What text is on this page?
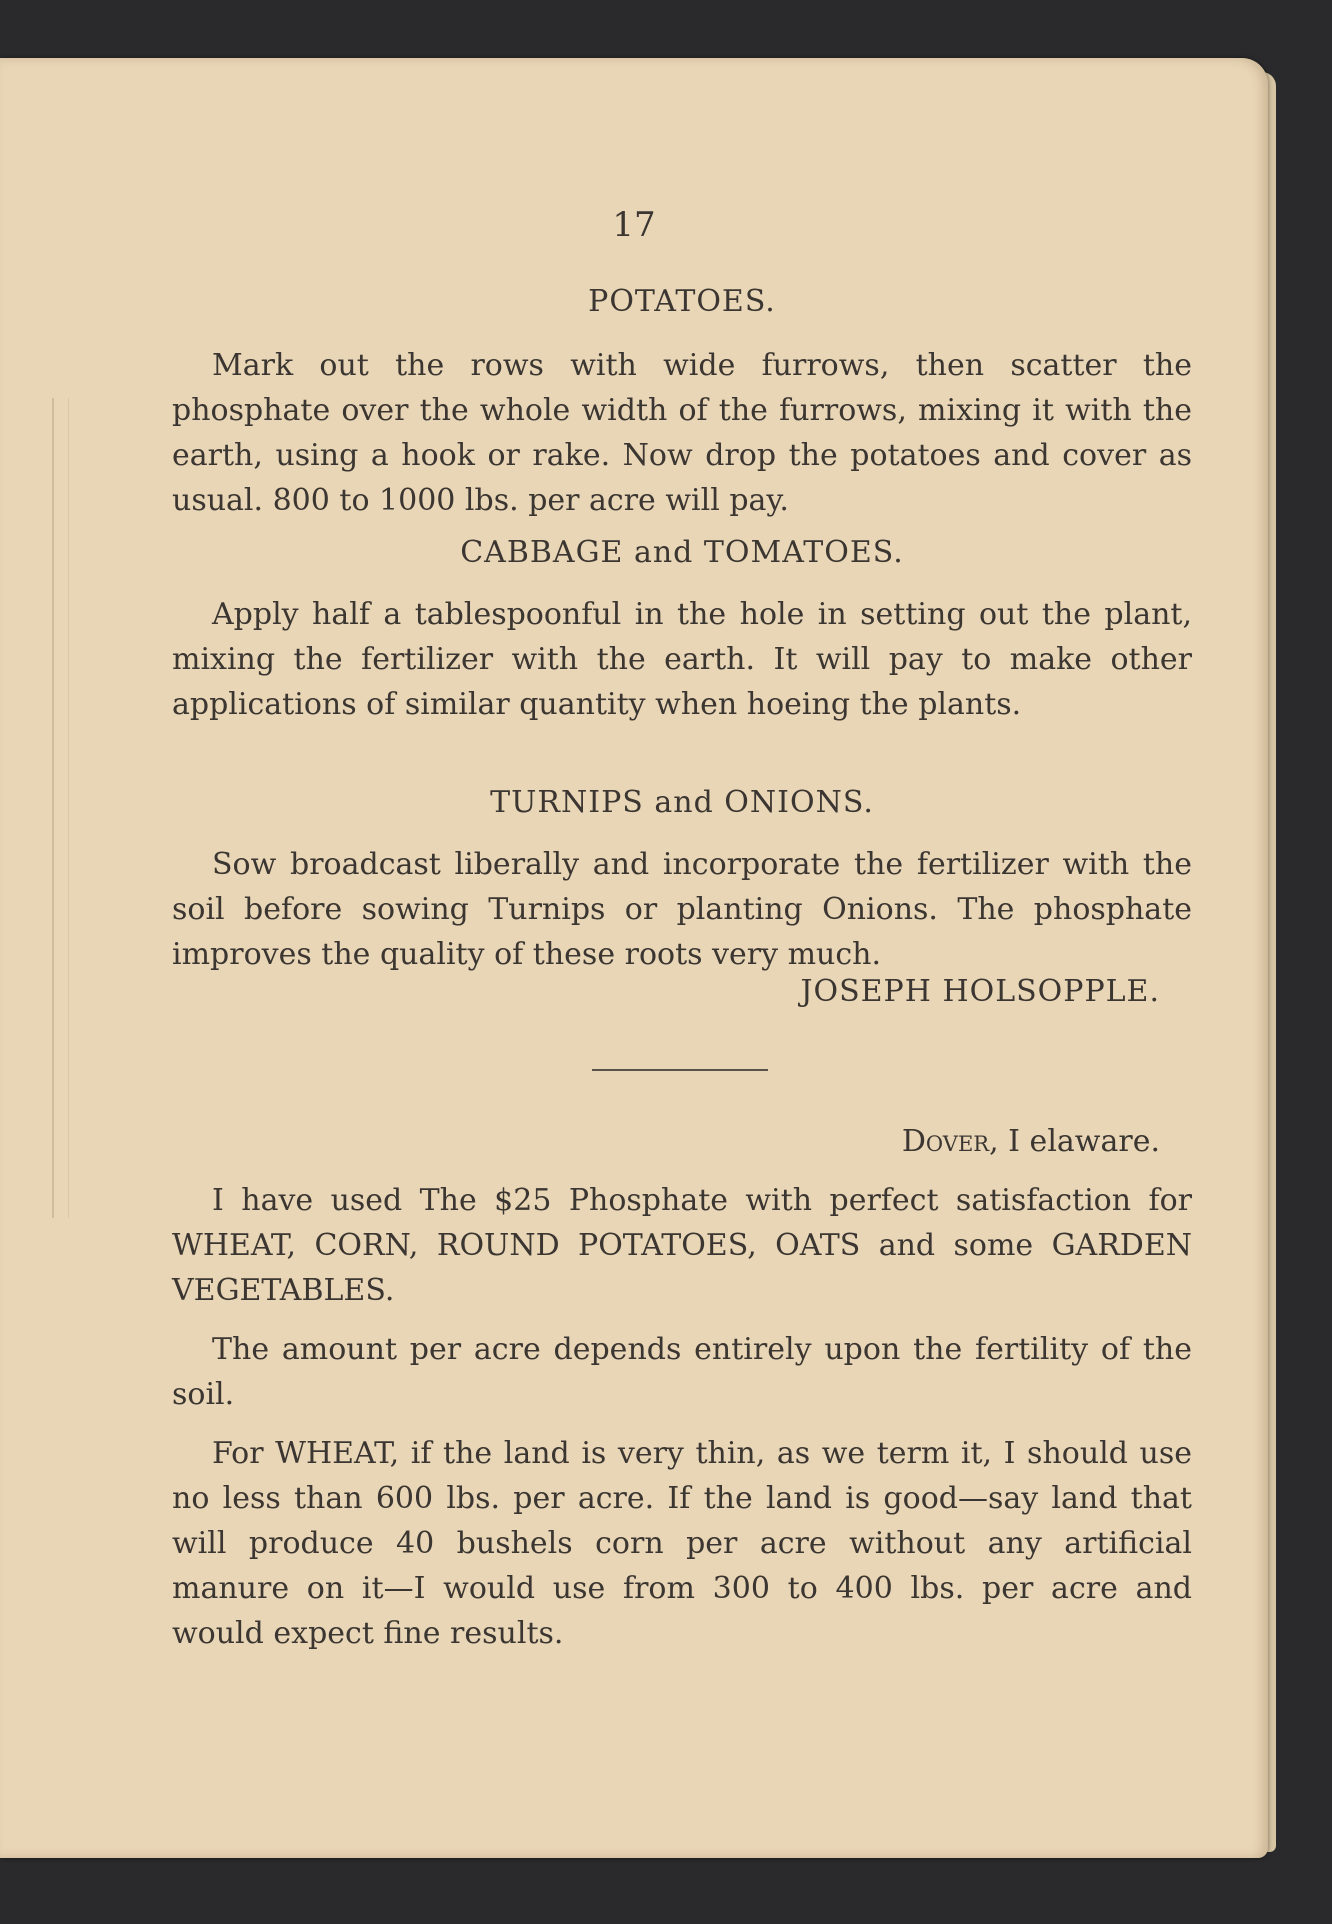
17
POTATOES.

Mark out the rows with wide furrows, then scatter the phosphate over the whole width of the furrows, mixing it with the earth, using a hook or rake. Now drop the potatoes and cover as usual. 800 to 1000 lbs. per acre will pay.

CABBAGE and TOMATOES.

Apply half a tablespoonful in the hole in setting out the plant, mixing the fertilizer with the earth. It will pay to make other applications of similar quantity when hoeing the plants.

TURNIPS and ONIONS.

Sow broadcast liberally and incorporate the fertilizer with the soil before sowing Turnips or planting Onions. The phosphate improves the quality of these roots very much.

JOSEPH HOLSOPPLE.
Dover, I elaware.

I have used The $25 Phosphate with perfect satisfaction for WHEAT, CORN, ROUND POTATOES, OATS and some GARDEN VEGETABLES.

The amount per acre depends entirely upon the fertility of the soil.

For WHEAT, if the land is very thin, as we term it, I should use no less than 600 lbs. per acre. If the land is good—say land that will produce 40 bushels corn per acre without any artificial manure on it—I would use from 300 to 400 lbs. per acre and would expect fine results.
